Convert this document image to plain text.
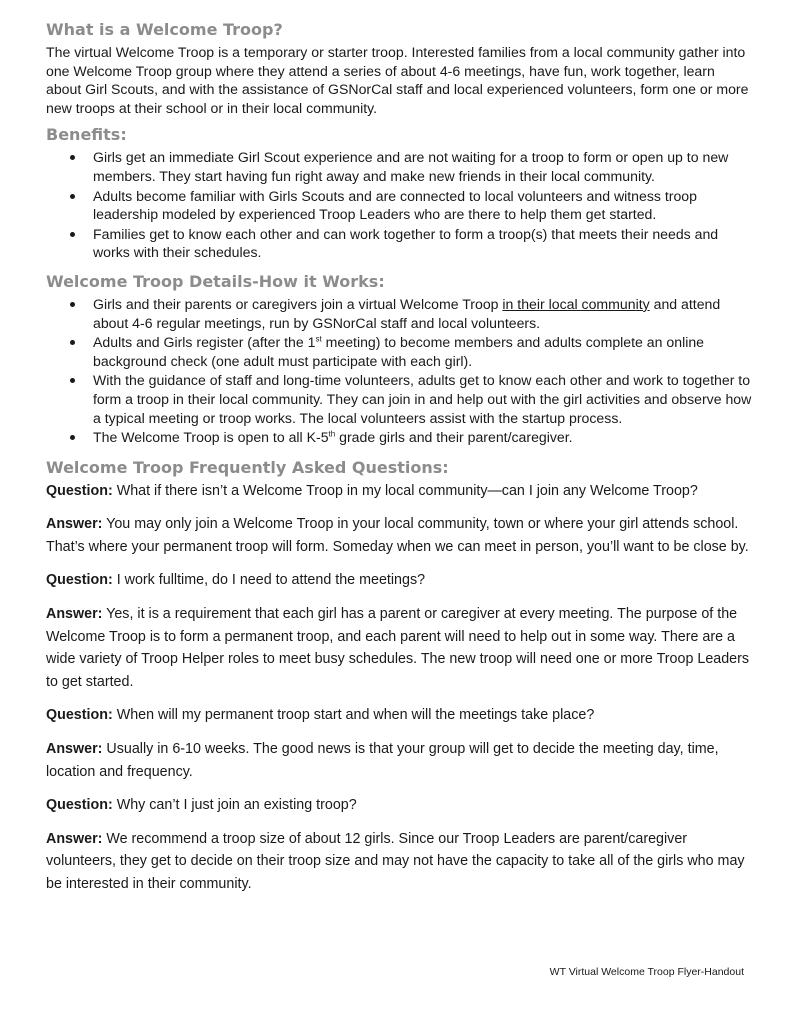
What is a Welcome Troop?

The virtual Welcome Troop is a temporary or starter troop. Interested families from a local community gather into one Welcome Troop group where they attend a series of about 4-6 meetings, have fun, work together, learn about Girl Scouts, and with the assistance of GSNorCal staff and local experienced volunteers, form one or more new troops at their school or in their local community.

Benefits:
Girls get an immediate Girl Scout experience and are not waiting for a troop to form or open up to new members. They start having fun right away and make new friends in their local community.
Adults become familiar with Girls Scouts and are connected to local volunteers and witness troop leadership modeled by experienced Troop Leaders who are there to help them get started.
Families get to know each other and can work together to form a troop(s) that meets their needs and works with their schedules.
Welcome Troop Details-How it Works:
Girls and their parents or caregivers join a virtual Welcome Troop in their local community and attend about 4-6 regular meetings, run by GSNorCal staff and local volunteers.
Adults and Girls register (after the 1st meeting) to become members and adults complete an online background check (one adult must participate with each girl).
With the guidance of staff and long-time volunteers, adults get to know each other and work to together to form a troop in their local community. They can join in and help out with the girl activities and observe how a typical meeting or troop works. The local volunteers assist with the startup process.
The Welcome Troop is open to all K-5th grade girls and their parent/caregiver.
Welcome Troop Frequently Asked Questions:

Question: What if there isn’t a Welcome Troop in my local community—can I join any Welcome Troop?

Answer: You may only join a Welcome Troop in your local community, town or where your girl attends school. That’s where your permanent troop will form. Someday when we can meet in person, you’ll want to be close by.

Question: I work fulltime, do I need to attend the meetings?

Answer: Yes, it is a requirement that each girl has a parent or caregiver at every meeting. The purpose of the Welcome Troop is to form a permanent troop, and each parent will need to help out in some way. There are a wide variety of Troop Helper roles to meet busy schedules. The new troop will need one or more Troop Leaders to get started.

Question: When will my permanent troop start and when will the meetings take place?

Answer: Usually in 6-10 weeks. The good news is that your group will get to decide the meeting day, time, location and frequency.

Question: Why can’t I just join an existing troop?

Answer: We recommend a troop size of about 12 girls. Since our Troop Leaders are parent/caregiver volunteers, they get to decide on their troop size and may not have the capacity to take all of the girls who may be interested in their community.

WT Virtual Welcome Troop Flyer-Handout
